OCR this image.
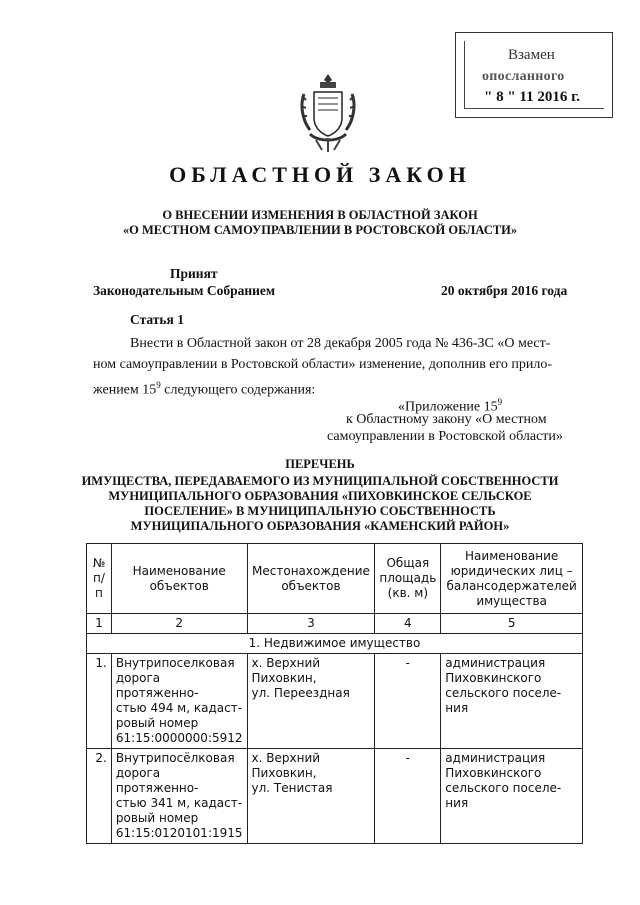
Взамен
опосланного
" 8 " 11 2016 г.
ОБЛАСТНОЙ ЗАКОН
О ВНЕСЕНИИ ИЗМЕНЕНИЯ В ОБЛАСТНОЙ ЗАКОН
«О МЕСТНОМ САМОУПРАВЛЕНИИ В РОСТОВСКОЙ ОБЛАСТИ»
Принят
Законодательным Собранием	20 октября 2016 года
Статья 1
Внести в Областной закон от 28 декабря 2005 года № 436-ЗС «О мест-
ном самоуправлении в Ростовской области» изменение, дополнив его прило-
жением $15^9$ следующего содержания:
«Приложение $15^9$
к Областному закону «О местном
самоуправлении в Ростовской области»
ПЕРЕЧЕНЬ
ИМУЩЕСТВА, ПЕРЕДАВАЕМОГО ИЗ МУНИЦИПАЛЬНОЙ СОБСТВЕННОСТИ
МУНИЦИПАЛЬНОГО ОБРАЗОВАНИЯ «ПИХОВКИНСКОЕ СЕЛЬСКОЕ
ПОСЕЛЕНИЕ» В МУНИЦИПАЛЬНУЮ СОБСТВЕННОСТЬ
МУНИЦИПАЛЬНОГО ОБРАЗОВАНИЯ «КАМЕНСКИЙ РАЙОН»
№
п/п	Наименование
объектов	Местонахождение
объектов	Общая
площадь
(кв. м)	Наименование
юридических лиц –
балансодержателей
имущества
1	2	3	4	5
1. Недвижимое имущество				
1.	Внутрипоселковая
дорога протяженно-
стью 494 м, кадаст-
ровый номер
61:15:0000000:5912	х. Верхний
Пиховкин,
ул. Переездная	-	администрация
Пиховкинского
сельского поселе-
ния
2.	Внутрипосёлковая
дорога протяженно-
стью 341 м, кадаст-
ровый номер
61:15:0120101:1915	х. Верхний
Пиховкин,
ул. Тенистая	-	администрация
Пиховкинского
сельского поселе-
ния
